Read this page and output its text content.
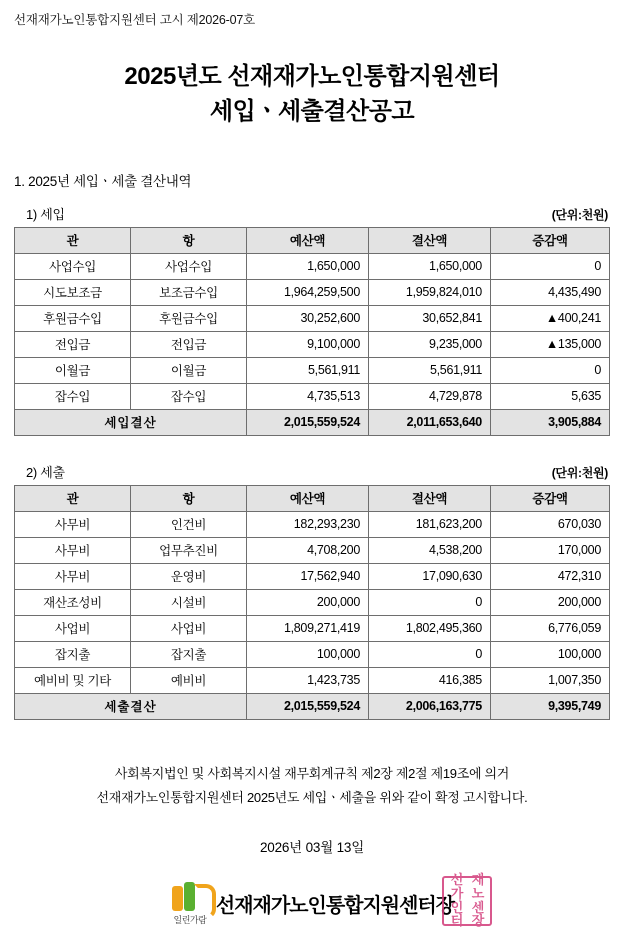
선재재가노인통합지원센터 고시 제2026-07호
2025년도 선재재가노인통합지원센터
세입ㆍ세출결산공고
1. 2025년 세입ㆍ세출 결산내역
1) 세입	(단위:천원)
관	항	예산액	결산액	증감액
사업수입	사업수입	1,650,000	1,650,000	0
시도보조금	보조금수입	1,964,259,500	1,959,824,010	4,435,490
후원금수입	후원금수입	30,252,600	30,652,841	▲400,241
전입금	전입금	9,100,000	9,235,000	▲135,000
이월금	이월금	5,561,911	5,561,911	0
잡수입	잡수입	4,735,513	4,729,878	5,635
세입결산		2,015,559,524	2,011,653,640	3,905,884
2) 세출	(단위:천원)
관	항	예산액	결산액	증감액
사무비	인건비	182,293,230	181,623,200	670,030
사무비	업무추진비	4,708,200	4,538,200	170,000
사무비	운영비	17,562,940	17,090,630	472,310
재산조성비	시설비	200,000	0	200,000
사업비	사업비	1,809,271,419	1,802,495,360	6,776,059
잡지출	잡지출	100,000	0	100,000
예비비 및 기타	예비비	1,423,735	416,385	1,007,350
세출결산		2,015,559,524	2,006,163,775	9,395,749
사회복지법인 및 사회복지시설 재무회계규칙 제2장 제2절 제19조에 의거
선재재가노인통합지원센터 2025년도 세입ㆍ세출을 위와 같이 확정 고시합니다.
2026년 03월 13일
일린가람
선재재가노인통합지원센터장
선 재
가 노
인 센
터 장
